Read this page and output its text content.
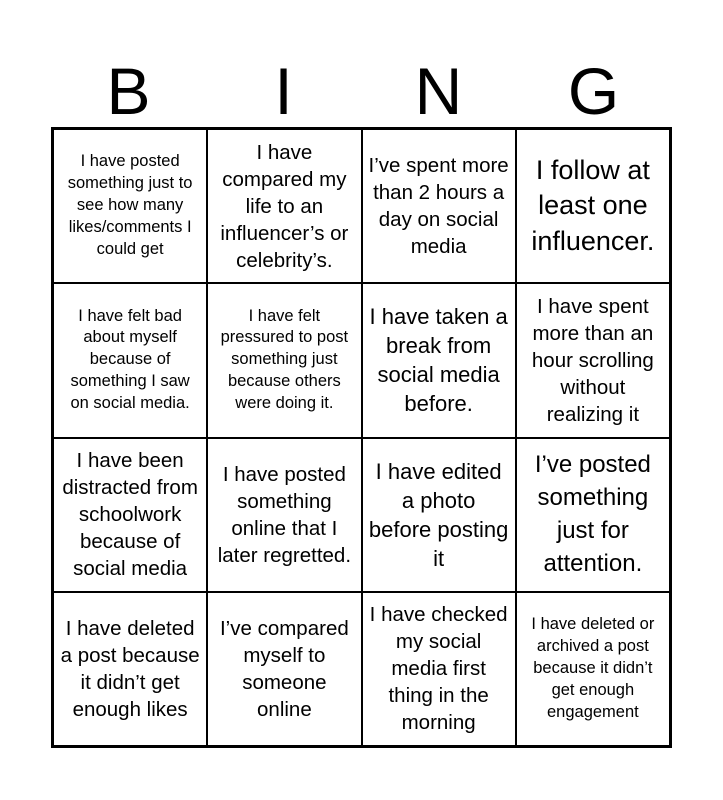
B	I	N	G
I have posted something just to see how many likes/comments I could get
I have compared my life to an influencer’s or celebrity’s.
I’ve spent more than 2 hours a day on social media
I follow at least one influencer.
I have felt bad about myself because of something I saw on social media.
I have felt pressured to post something just because others were doing it.
I have taken a break from social media before.
I have spent more than an hour scrolling without realizing it
I have been distracted from schoolwork because of social media
I have posted something online that I later regretted.
I have edited a photo before posting it
I’ve posted something just for attention.
I have deleted a post because it didn’t get enough likes
I’ve compared myself to someone online
I have checked my social media first thing in the morning
I have deleted or archived a post because it didn’t get enough engagement
